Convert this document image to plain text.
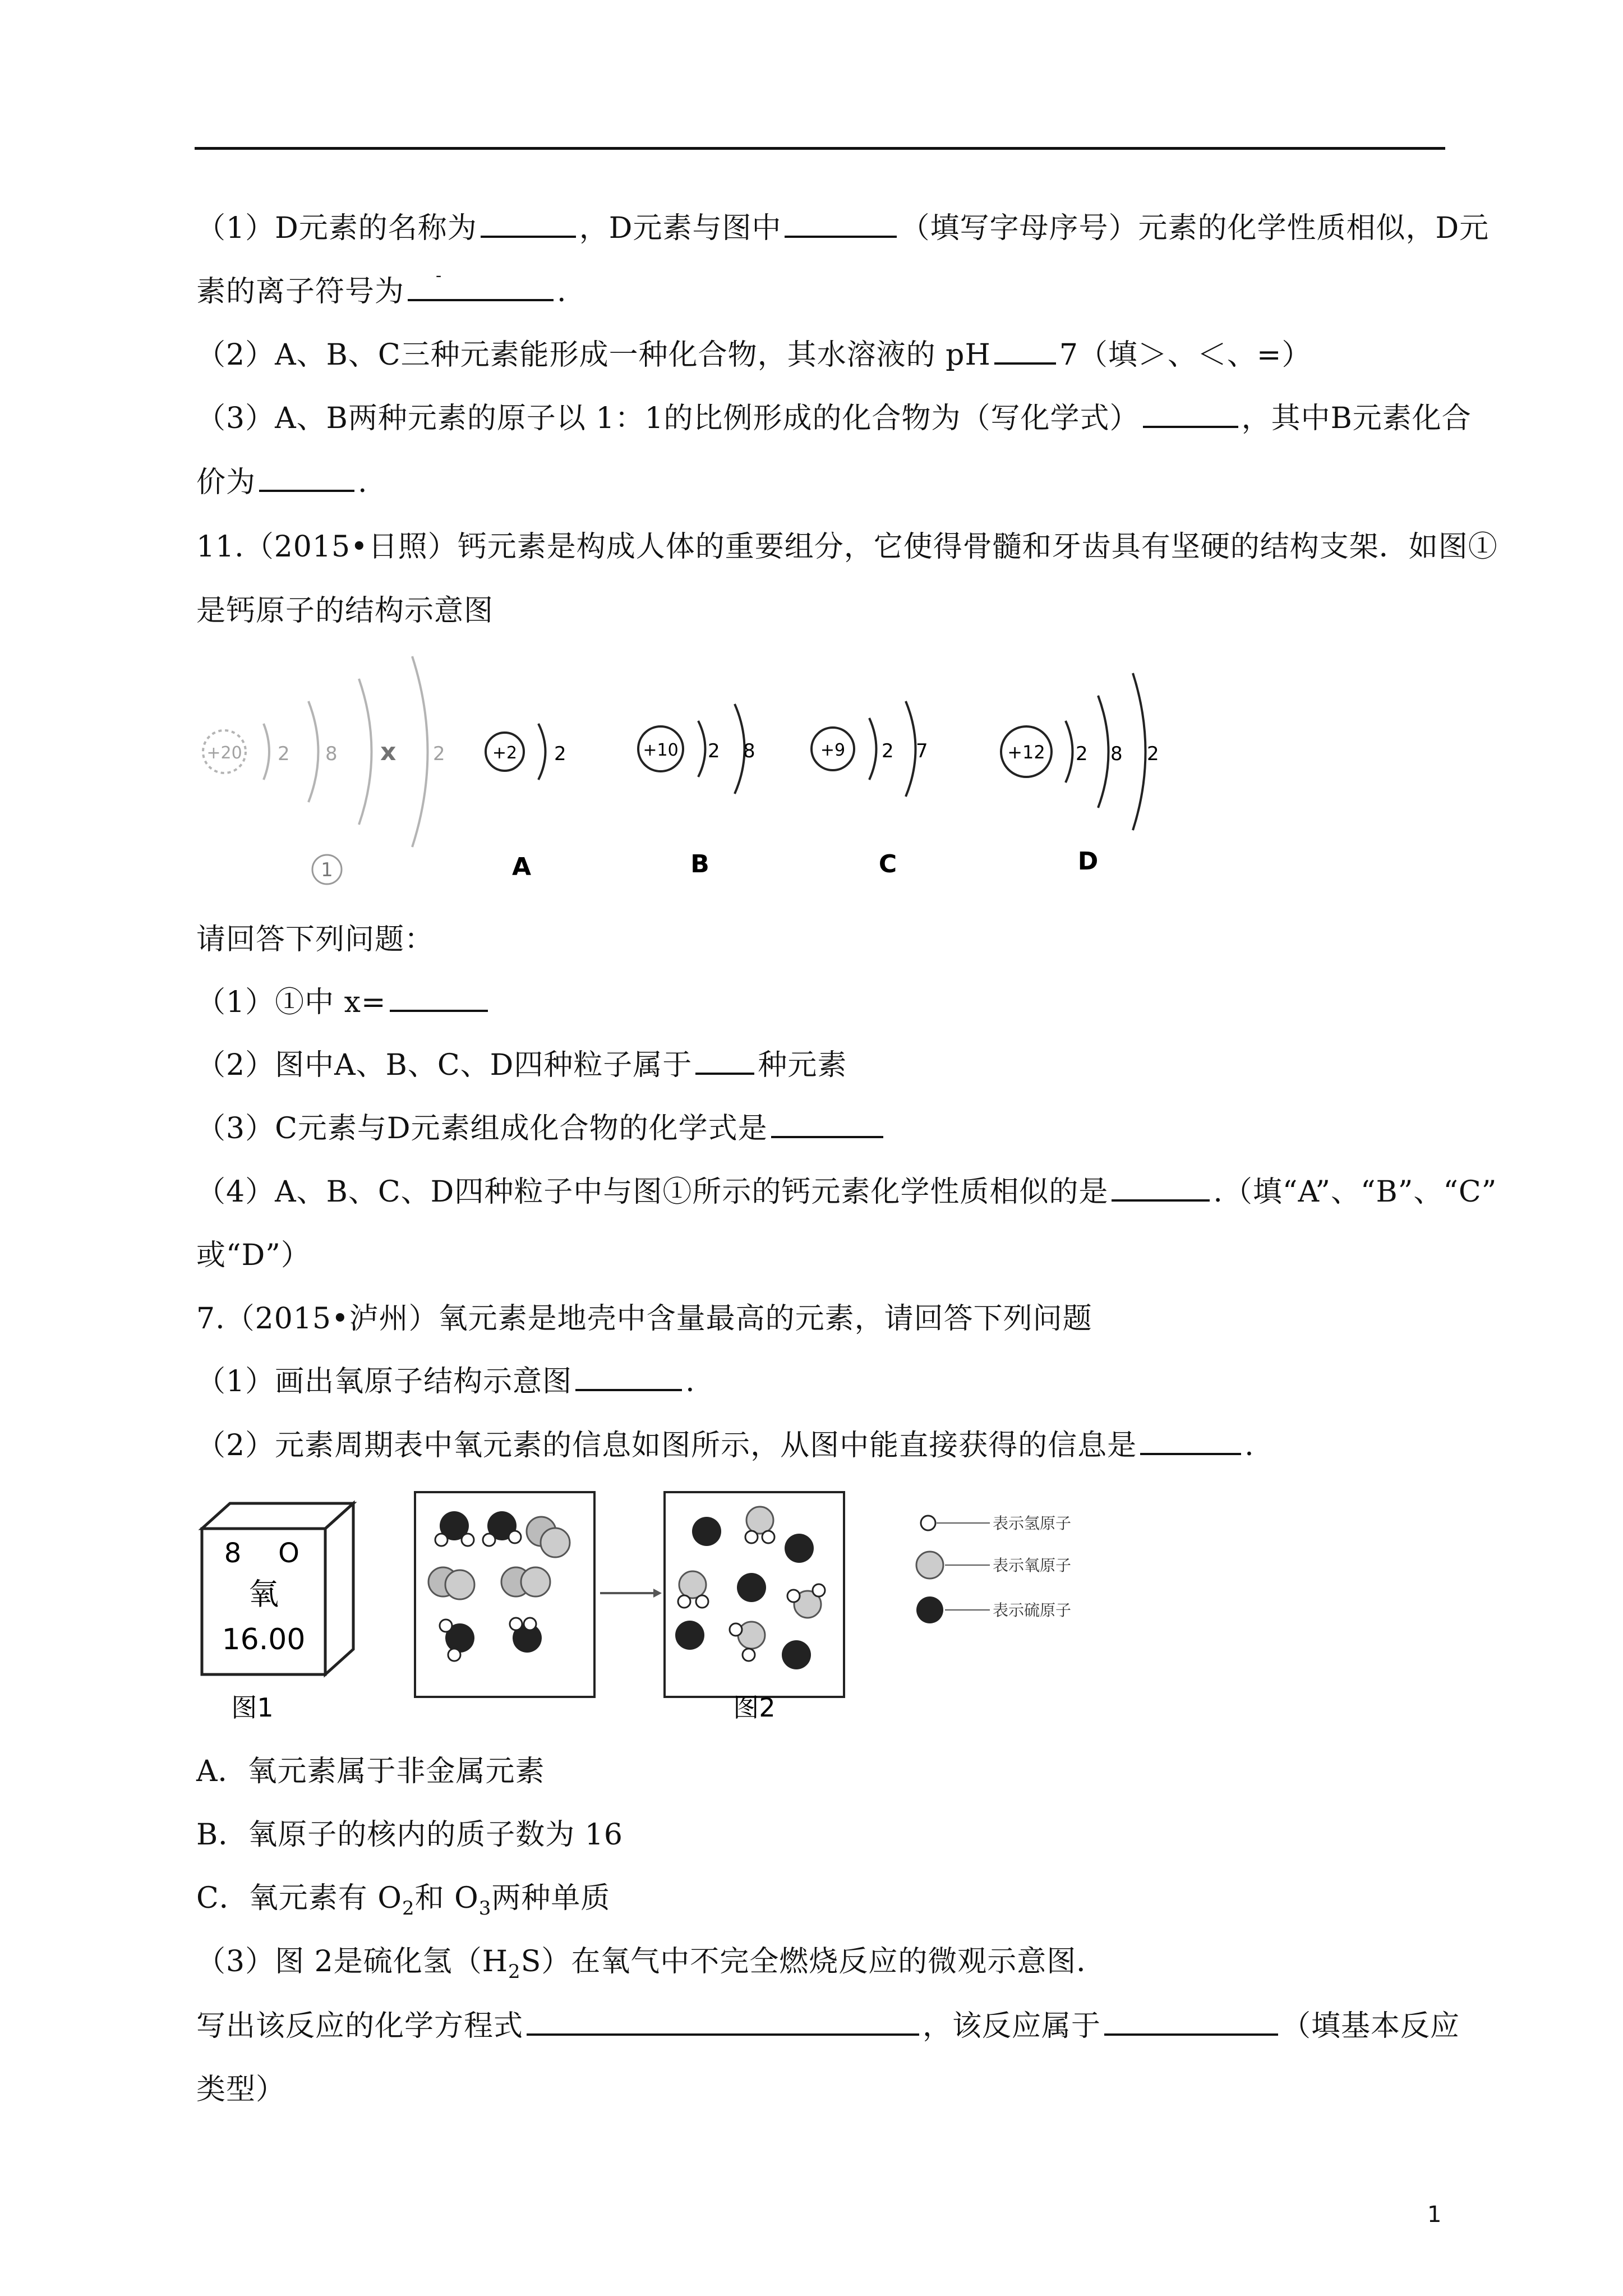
（1）D元素的名称为	，D元素与图中	（填写字母序号）元素的化学性质相似，D元
素的离子符号为 -	.
（2）A、B、C三种元素能形成一种化合物，其水溶液的 pH 7（填＞、＜、=）
（3）A、B两种元素的原子以 1：1的比例形成的化合物为（写化学式）	，其中B元素化合
价为	.
11.（2015•日照）钙元素是构成人体的重要组分，它使得骨髓和牙齿具有坚硬的结构支架．如图①
是钙原子的结构示意图
+20 2 8 x 2	+2 2	+10 2 8	+9 2 7	+12 2 8 2
1	A	B	C	D
请回答下列问题：
（1）①中 x=
（2）图中A、B、C、D四种粒子属于 种元素
（3）C元素与D元素组成化合物的化学式是
（4）A、B、C、D四种粒子中与图①所示的钙元素化学性质相似的是	.（填“A”、“B”、“C”
或“D”）
7.（2015•泸州）氧元素是地壳中含量最高的元素，请回答下列问题
（1）画出氧原子结构示意图	.
（2）元素周期表中氧元素的信息如图所示，从图中能直接获得的信息是	.
8 O
氧
16.00
图1	图2
表示氢原子
表示氧原子
表示硫原子
A．氧元素属于非金属元素
B．氧原子的核内的质子数为 16
C．氧元素有 $O_2$和 $O_3$两种单质
（3）图 2是硫化氢$(H_2S)$在氧气中不完全燃烧反应的微观示意图．
写出该反应的化学方程式	，该反应属于	（填基本反应
类型）
1
